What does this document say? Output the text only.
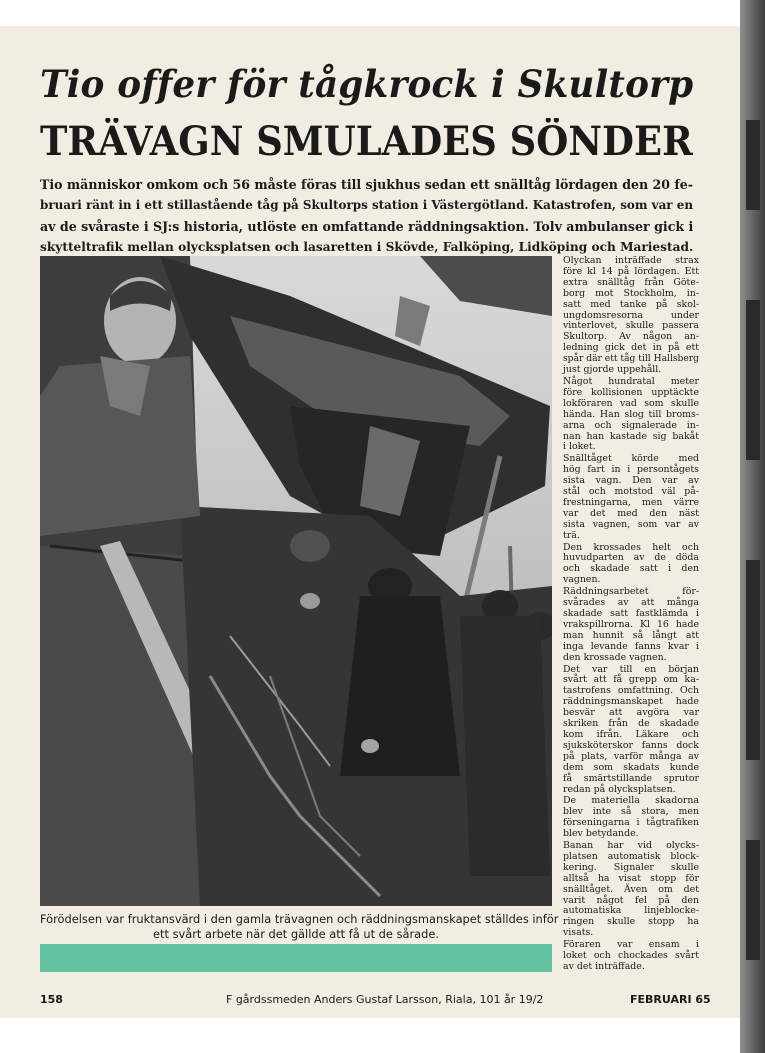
Tio offer för tågkrock i Skultorp
TRÄVAGN SMULADES SÖNDER
Tio människor omkom och 56 måste föras till sjukhus sedan ett snälltåg lördagen den 20 fe-
bruari ränt in i ett stillastående tåg på Skultorps station i Västergötland. Katastrofen, som var en
av de svåraste i SJ:s historia, utlöste en omfattande räddningsaktion. Tolv ambulanser gick i
skytteltrafik mellan olycksplatsen och lasaretten i Skövde, Falköping, Lidköping och Mariestad.
Förödelsen var fruktansvärd i den gamla trävagnen och räddningsmanskapet ställdes inför
ett svårt arbete när det gällde att få ut de sårade.

Olyckan inträffade strax
före kl 14 på lördagen. Ett
extra snälltåg från Göte-
borg mot Stockholm, in-
satt med tanke på skol-
ungdomsresorna under
vinterlovet, skulle passera
Skultorp. Av någon an-
ledning gick det in på ett
spår där ett tåg till Hallsberg
just gjorde uppehåll.

Något hundratal meter
före kollisionen upptäckte
lokföraren vad som skulle
hända. Han slog till broms-
arna och signalerade in-
nan han kastade sig bakåt
i loket.

Snälltåget körde med
hög fart in i persontågets
sista vagn. Den var av
stål och motstod väl på-
frestningarna, men värre
var det med den näst
sista vagnen, som var av
trä.

Den krossades helt och
huvudparten av de döda
och skadade satt i den
vagnen.

Räddningsarbetet för-
svårades av att många
skadade satt fastklämda i
vrakspillrorna. Kl 16 hade
man hunnit så långt att
inga levande fanns kvar i
den krossade vagnen.

Det var till en början
svårt att få grepp om ka-
tastrofens omfattning. Och
räddningsmanskapet hade
besvär att avgöra var
skriken från de skadade
kom ifrån. Läkare och
sjuksköterskor fanns dock
på plats, varför många av
dem som skadats kunde
få smärtstillande sprutor
redan på olycksplatsen.

De materiella skadorna
blev inte så stora, men
förseningarna i tågtrafiken
blev betydande.

Banan har vid olycks-
platsen automatisk block-
kering. Signaler skulle
alltså ha visat stopp för
snälltåget. Även om det
varit något fel på den
automatiska linjeblocke-
ringen skulle stopp ha
visats.

Föraren var ensam i
loket och chockades svårt
av det inträffade.

158	F gårdssmeden Anders Gustaf Larsson, Riala, 101 år 19/2	FEBRUARI 65
